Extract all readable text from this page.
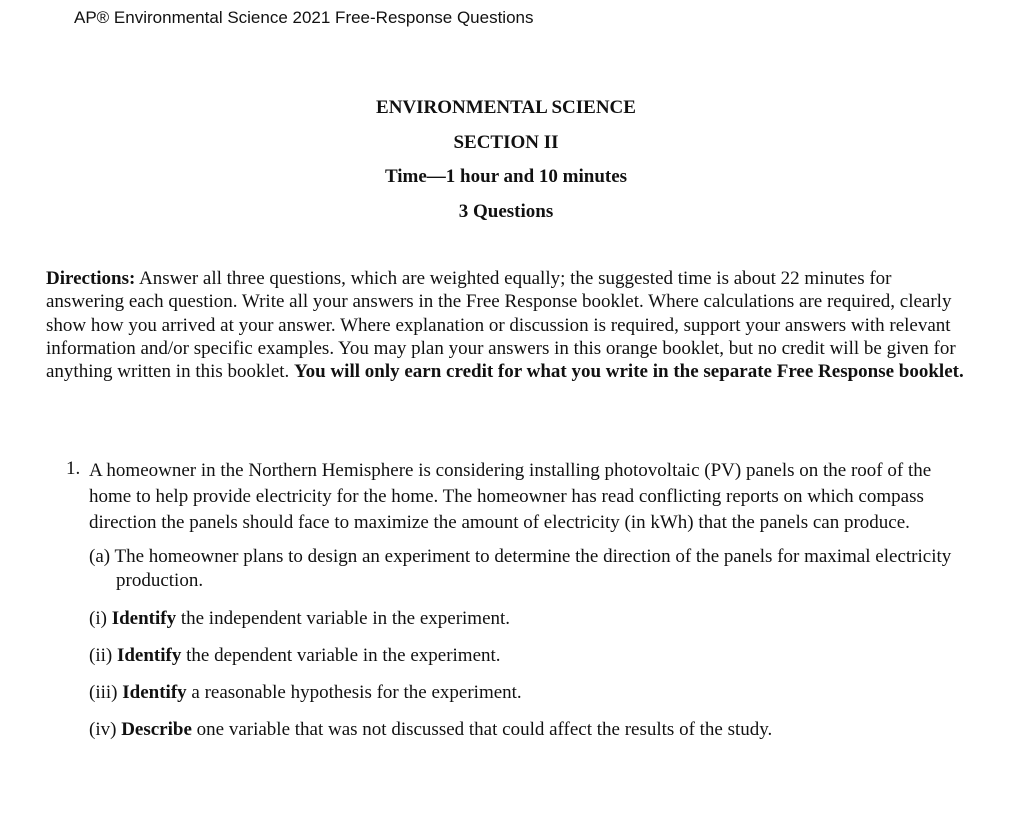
AP® Environmental Science 2021 Free-Response Questions
ENVIRONMENTAL SCIENCE
SECTION II
Time—1 hour and 10 minutes
3 Questions
Directions: Answer all three questions, which are weighted equally; the suggested time is about 22 minutes for answering each question. Write all your answers in the Free Response booklet. Where calculations are required, clearly show how you arrived at your answer. Where explanation or discussion is required, support your answers with relevant information and/or specific examples. You may plan your answers in this orange booklet, but no credit will be given for anything written in this booklet. You will only earn credit for what you write in the separate Free Response booklet.
1. A homeowner in the Northern Hemisphere is considering installing photovoltaic (PV) panels on the roof of the home to help provide electricity for the home. The homeowner has read conflicting reports on which compass direction the panels should face to maximize the amount of electricity (in kWh) that the panels can produce.
(a) The homeowner plans to design an experiment to determine the direction of the panels for maximal electricity production.
(i) Identify the independent variable in the experiment.
(ii) Identify the dependent variable in the experiment.
(iii) Identify a reasonable hypothesis for the experiment.
(iv) Describe one variable that was not discussed that could affect the results of the study.
